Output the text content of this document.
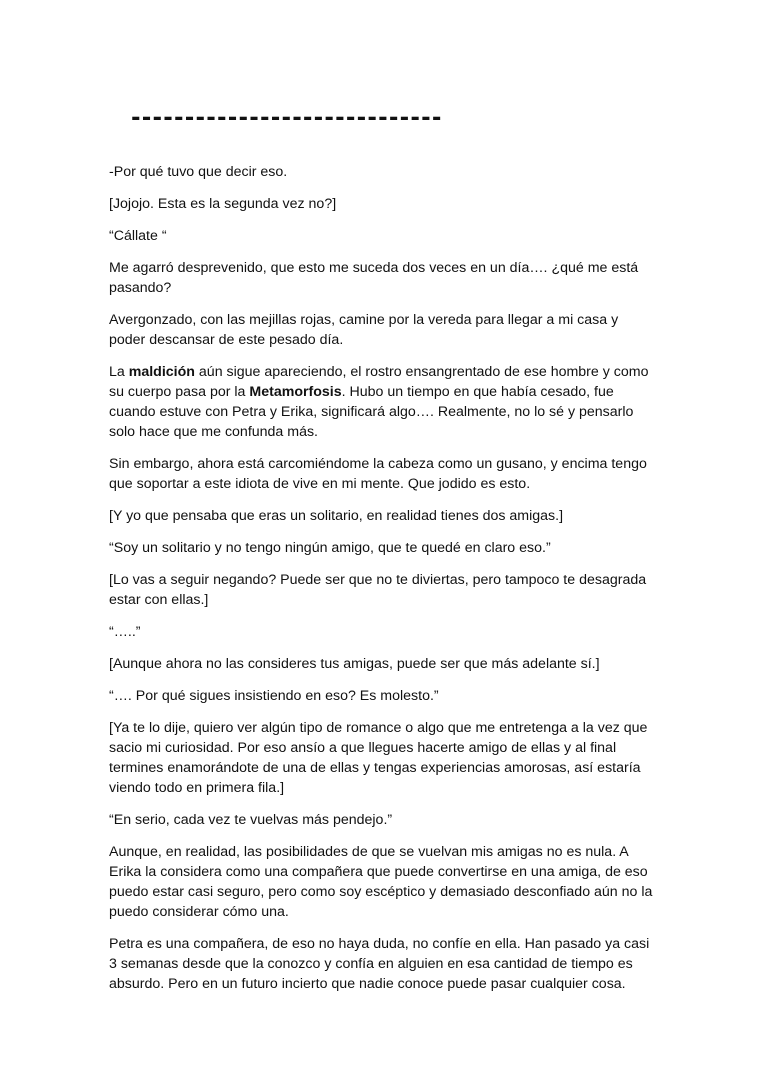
-----------------------------

-Por qué tuvo que decir eso.

[Jojojo. Esta es la segunda vez no?]

“Cállate “

Me agarró desprevenido, que esto me suceda dos veces en un día…. ¿qué me está pasando?

Avergonzado, con las mejillas rojas, camine por la vereda para llegar a mi casa y poder descansar de este pesado día.

La maldición aún sigue apareciendo, el rostro ensangrentado de ese hombre y como su cuerpo pasa por la Metamorfosis. Hubo un tiempo en que había cesado, fue cuando estuve con Petra y Erika, significará algo…. Realmente, no lo sé y pensarlo solo hace que me confunda más.

Sin embargo, ahora está carcomiéndome la cabeza como un gusano, y encima tengo que soportar a este idiota de vive en mi mente. Que jodido es esto.

[Y yo que pensaba que eras un solitario, en realidad tienes dos amigas.]

“Soy un solitario y no tengo ningún amigo, que te quedé en claro eso.”

[Lo vas a seguir negando? Puede ser que no te diviertas, pero tampoco te desagrada estar con ellas.]

“…..”

[Aunque ahora no las consideres tus amigas, puede ser que más adelante sí.]

“…. Por qué sigues insistiendo en eso? Es molesto.”

[Ya te lo dije, quiero ver algún tipo de romance o algo que me entretenga a la vez que sacio mi curiosidad. Por eso ansío a que llegues hacerte amigo de ellas y al final termines enamorándote de una de ellas y tengas experiencias amorosas, así estaría viendo todo en primera fila.]

“En serio, cada vez te vuelvas más pendejo.”

Aunque, en realidad, las posibilidades de que se vuelvan mis amigas no es nula. A Erika la considera como una compañera que puede convertirse en una amiga, de eso puedo estar casi seguro, pero como soy escéptico y demasiado desconfiado aún no la puedo considerar cómo una.

Petra es una compañera, de eso no haya duda, no confíe en ella. Han pasado ya casi 3 semanas desde que la conozco y confía en alguien en esa cantidad de tiempo es absurdo. Pero en un futuro incierto que nadie conoce puede pasar cualquier cosa.
